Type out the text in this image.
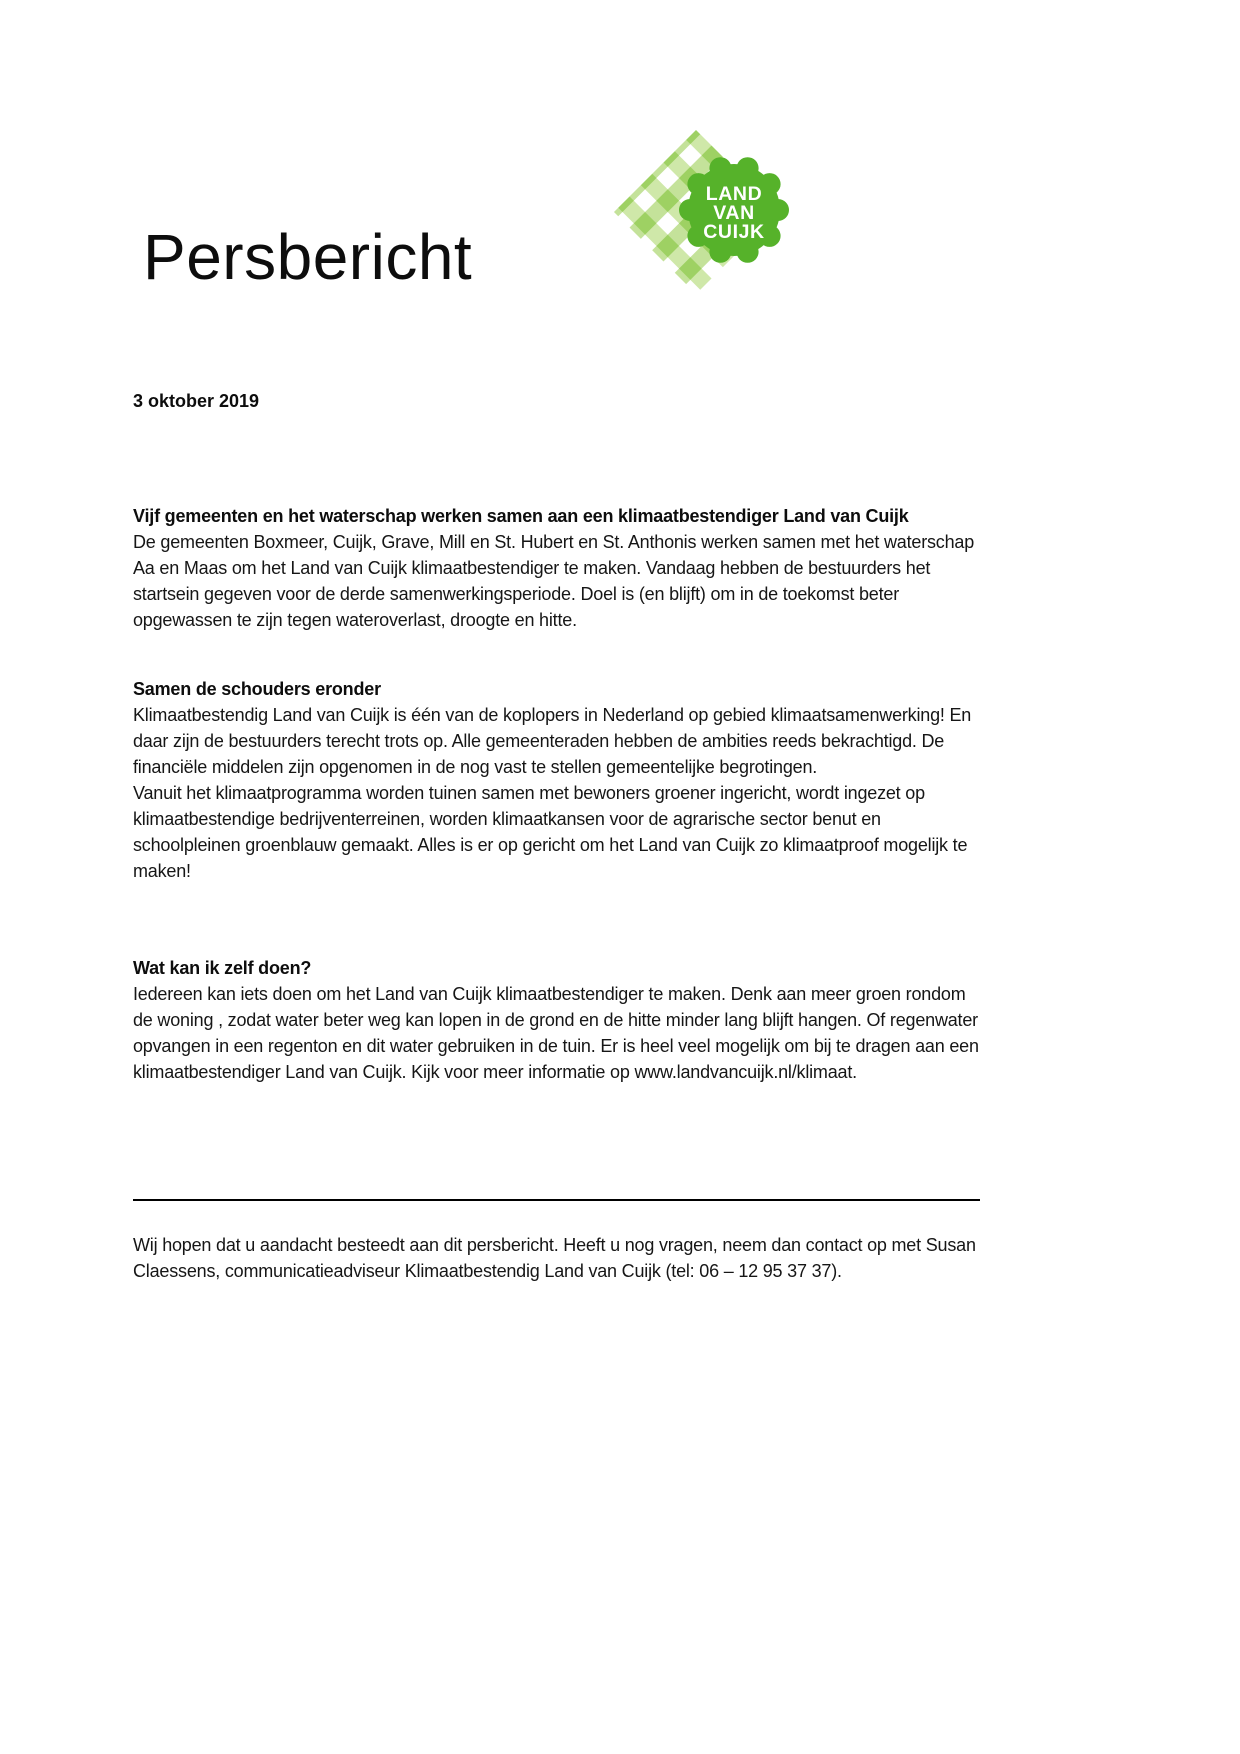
Persbericht
LAND
VAN
CUIJK
3 oktober 2019
Vijf gemeenten en het waterschap werken samen aan een klimaatbestendiger Land van Cuijk
De gemeenten Boxmeer, Cuijk, Grave, Mill en St. Hubert en St. Anthonis werken samen met het waterschap Aa en Maas om het Land van Cuijk klimaatbestendiger te maken. Vandaag hebben de bestuurders het startsein gegeven voor de derde samenwerkingsperiode. Doel is (en blijft) om in de toekomst beter opgewassen te zijn tegen wateroverlast, droogte en hitte.
Samen de schouders eronder
Klimaatbestendig Land van Cuijk is één van de koplopers in Nederland op gebied klimaatsamenwerking! En daar zijn de bestuurders terecht trots op. Alle gemeenteraden hebben de ambities reeds bekrachtigd. De financiële middelen zijn opgenomen in de nog vast te stellen gemeentelijke begrotingen.
Vanuit het klimaatprogramma worden tuinen samen met bewoners groener ingericht, wordt ingezet op klimaatbestendige bedrijventerreinen, worden klimaatkansen voor de agrarische sector benut en schoolpleinen groenblauw gemaakt. Alles is er op gericht om het Land van Cuijk zo klimaatproof mogelijk te maken!
Wat kan ik zelf doen?
Iedereen kan iets doen om het Land van Cuijk klimaatbestendiger te maken. Denk aan meer groen rondom de woning , zodat water beter weg kan lopen in de grond en de hitte minder lang blijft hangen. Of regenwater opvangen in een regenton en dit water gebruiken in de tuin. Er is heel veel mogelijk om bij te dragen aan een klimaatbestendiger Land van Cuijk. Kijk voor meer informatie op www.landvancuijk.nl/klimaat.
Wij hopen dat u aandacht besteedt aan dit persbericht. Heeft u nog vragen, neem dan contact op met Susan Claessens, communicatieadviseur Klimaatbestendig Land van Cuijk (tel: 06 – 12 95 37 37).
